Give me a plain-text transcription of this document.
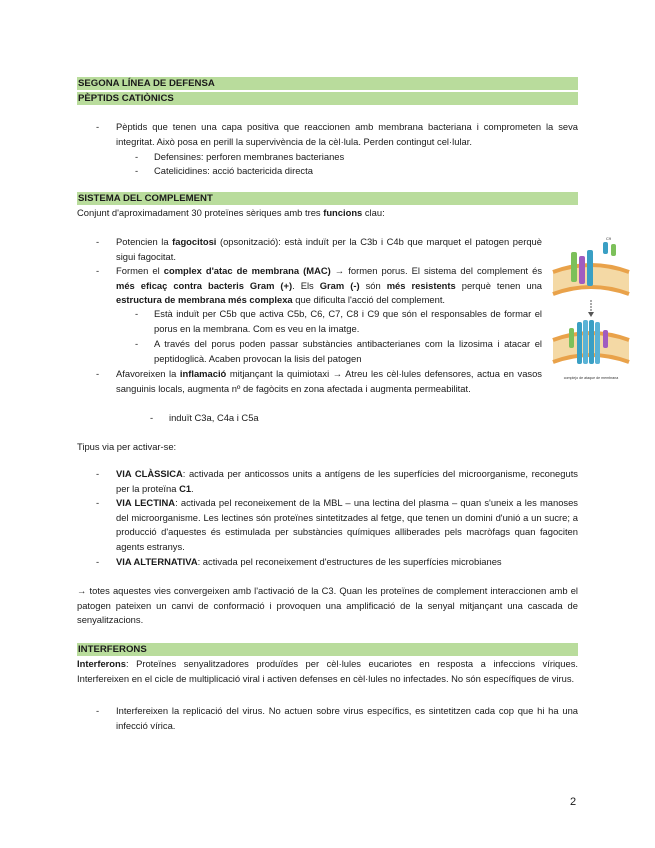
SEGONA LÍNEA DE DEFENSA
PÈPTIDS CATIÒNICS
- Pèptids que tenen una capa positiva que reaccionen amb membrana bacteriana i comprometen la seva integritat. Això posa en perill la supervivència de la cèl·lula. Perden contingut cel·lular.
- Defensines: perforen membranes bacterianes
- Catelicidines: acció bactericida directa
SISTEMA DEL COMPLEMENT
Conjunt d'aproximadament 30 proteïnes sèriques amb tres funcions clau:
- Potencien la fagocitosi (opsonització): està induït per la C3b i C4b que marquet el patogen perquè sigui fagocitat.
- Formen el complex d'atac de membrana (MAC) → formen porus. El sistema del complement és més eficaç contra bacteris Gram (+). Els Gram (-) són més resistents perquè tenen una estructura de membrana més complexa que dificulta l'acció del complement.
- Està induït per C5b que activa C5b, C6, C7, C8 i C9 que són el responsables de formar el porus en la membrana. Com es veu en la imatge.
- A través del porus poden passar substàncies antibacterianes com la lizosima i atacar el peptidoglicà. Acaben provocan la lisis del patogen
- Afavoreixen la inflamació mitjançant la quimiotaxi → Atreu les cèl·lules defensores, actua en vasos sanguinis locals, augmenta nº de fagòcits en zona afectada i augmenta permeabilitat.
- induït C3a, C4a i C5a
C9
complejo de ataque de membrana
Tipus via per activar-se:
- VIA CLÀSSICA: activada per anticossos units a antígens de les superfícies del microorganisme, reconeguts per la proteïna C1.
- VIA LECTINA: activada pel reconeixement de la MBL – una lectina del plasma – quan s'uneix a les manoses del microorganisme. Les lectines són proteïnes sintetitzades al fetge, que tenen un domini d'unió a un sucre; a producció d'aquestes és estimulada per substàncies químiques alliberades pels macròfags quan fagociten agents estranys.
- VIA ALTERNATIVA: activada pel reconeixement d'estructures de les superfícies microbianes
→ totes aquestes vies convergeixen amb l'activació de la C3. Quan les proteïnes de complement interaccionen amb el patogen pateixen un canvi de conformació i provoquen una amplificació de la senyal mitjançant una cascada de senyalitzacions.
INTERFERONS
Interferons: Proteïnes senyalitzadores produïdes per cèl·lules eucariotes en resposta a infeccions víriques. Interfereixen en el cicle de multiplicació viral i activen defenses en cèl·lules no infectades. No són específiques de virus.
- Interfereixen la replicació del virus. No actuen sobre virus específics, es sintetitzen cada cop que hi ha una infecció vírica.
2
